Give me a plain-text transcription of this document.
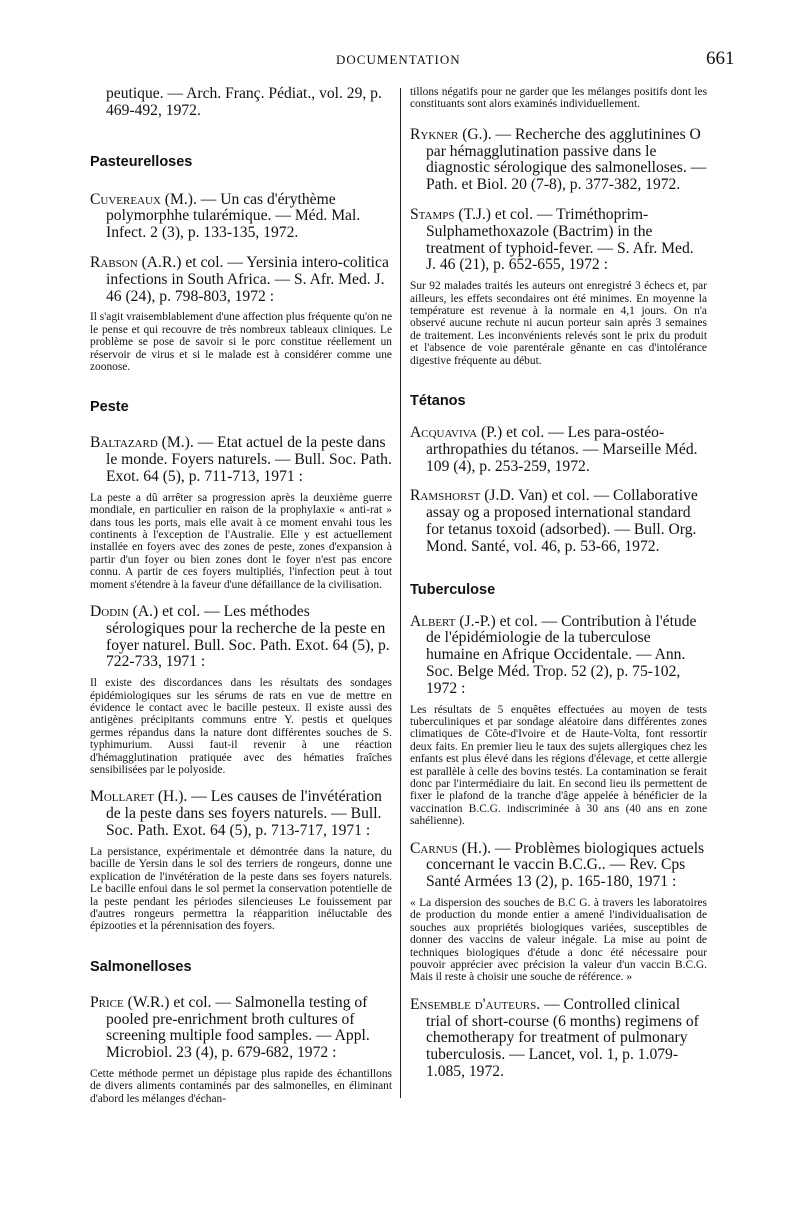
DOCUMENTATION	661
peutique. — Arch. Franç. Pédiat., vol. 29, p. 469-492, 1972.
Pasteurelloses
Cuvereaux (M.). — Un cas d'érythème polymorphhe tularémique. — Méd. Mal. Infect. 2 (3), p. 133-135, 1972.
Rabson (A.R.) et col. — Yersinia intero-colitica infections in South Africa. — S. Afr. Med. J. 46 (24), p. 798-803, 1972 :
Il s'agit vraisemblablement d'une affection plus fréquente qu'on ne le pense et qui recouvre de très nombreux tableaux cliniques. Le problème se pose de savoir si le porc constitue réellement un réservoir de virus et si le malade est à considérer comme une zoonose.
Peste
Baltazard (M.). — Etat actuel de la peste dans le monde. Foyers naturels. — Bull. Soc. Path. Exot. 64 (5), p. 711-713, 1971 :
La peste a dû arrêter sa progression après la deuxième guerre mondiale, en particulier en raison de la prophylaxie « anti-rat » dans tous les ports, mais elle avait à ce moment envahi tous les continents à l'exception de l'Australie. Elle y est actuellement installée en foyers avec des zones de peste, zones d'expansion à partir d'un foyer ou bien zones dont le foyer n'est pas encore connu. A partir de ces foyers multipliés, l'infection peut à tout moment s'étendre à la faveur d'une défaillance de la civilisation.
Dodin (A.) et col. — Les méthodes sérologiques pour la recherche de la peste en foyer naturel. Bull. Soc. Path. Exot. 64 (5), p. 722-733, 1971 :
Il existe des discordances dans les résultats des sondages épidémiologiques sur les sérums de rats en vue de mettre en évidence le contact avec le bacille pesteux. Il existe aussi des antigènes précipitants communs entre Y. pestis et quelques germes répandus dans la nature dont différentes souches de S. typhimurium. Aussi faut-il revenir à une réaction d'hémagglutination pratiquée avec des hématies fraîches sensibilisées par le polyoside.
Mollaret (H.). — Les causes de l'invétération de la peste dans ses foyers naturels. — Bull. Soc. Path. Exot. 64 (5), p. 713-717, 1971 :
La persistance, expérimentale et démontrée dans la nature, du bacille de Yersin dans le sol des terriers de rongeurs, donne une explication de l'invétération de la peste dans ses foyers naturels. Le bacille enfoui dans le sol permet la conservation potentielle de la peste pendant les périodes silencieuses Le fouissement par d'autres rongeurs permettra la réapparition inéluctable des épizooties et la pérennisation des foyers.
Salmonelloses
Price (W.R.) et col. — Salmonella testing of pooled pre-enrichment broth cultures of screening multiple food samples. — Appl. Microbiol. 23 (4), p. 679-682, 1972 :
Cette méthode permet un dépistage plus rapide des échantillons de divers aliments contaminés par des salmonelles, en éliminant d'abord les mélanges d'échan-
tillons négatifs pour ne garder que les mélanges positifs dont les constituants sont alors examinés individuellement.
Rykner (G.). — Recherche des agglutinines O par hémagglutination passive dans le diagnostic sérologique des salmonelloses. — Path. et Biol. 20 (7-8), p. 377-382, 1972.
Stamps (T.J.) et col. — Triméthoprim-Sulphamethoxazole (Bactrim) in the treatment of typhoid-fever. — S. Afr. Med. J. 46 (21), p. 652-655, 1972 :
Sur 92 malades traités les auteurs ont enregistré 3 échecs et, par ailleurs, les effets secondaires ont été minimes. En moyenne la température est revenue à la normale en 4,1 jours. On n'a observé aucune rechute ni aucun porteur sain après 3 semaines de traitement. Les inconvénients relevés sont le prix du produit et l'absence de voie parentérale gênante en cas d'intolérance digestive fréquente au début.
Tétanos
Acquaviva (P.) et col. — Les para-ostéo-arthropathies du tétanos. — Marseille Méd. 109 (4), p. 253-259, 1972.
Ramshorst (J.D. Van) et col. — Collaborative assay og a proposed international standard for tetanus toxoid (adsorbed). — Bull. Org. Mond. Santé, vol. 46, p. 53-66, 1972.
Tuberculose
Albert (J.-P.) et col. — Contribution à l'étude de l'épidémiologie de la tuberculose humaine en Afrique Occidentale. — Ann. Soc. Belge Méd. Trop. 52 (2), p. 75-102, 1972 :
Les résultats de 5 enquêtes effectuées au moyen de tests tuberculiniques et par sondage aléatoire dans différentes zones climatiques de Côte-d'Ivoire et de Haute-Volta, font ressortir deux faits. En premier lieu le taux des sujets allergiques chez les enfants est plus élevé dans les régions d'élevage, et cette allergie est parallèle à celle des bovins testés. La contamination se ferait donc par l'intermédiaire du lait. En second lieu ils permettent de fixer le plafond de la tranche d'âge appelée à bénéficier de la vaccination B.C.G. indiscriminée à 30 ans (40 ans en zone sahélienne).
Carnus (H.). — Problèmes biologiques actuels concernant le vaccin B.C.G.. — Rev. Cps Santé Armées 13 (2), p. 165-180, 1971 :
« La dispersion des souches de B.C G. à travers les laboratoires de production du monde entier a amené l'individualisation de souches aux propriétés biologiques variées, susceptibles de donner des vaccins de valeur inégale. La mise au point de techniques biologiques d'étude a donc été nécessaire pour pouvoir apprécier avec précision la valeur d'un vaccin B.C.G. Mais il reste à choisir une souche de référence. »
Ensemble d'auteurs. — Controlled clinical trial of short-course (6 months) regimens of chemotherapy for treatment of pulmonary tuberculosis. — Lancet, vol. 1, p. 1.079-1.085, 1972.
